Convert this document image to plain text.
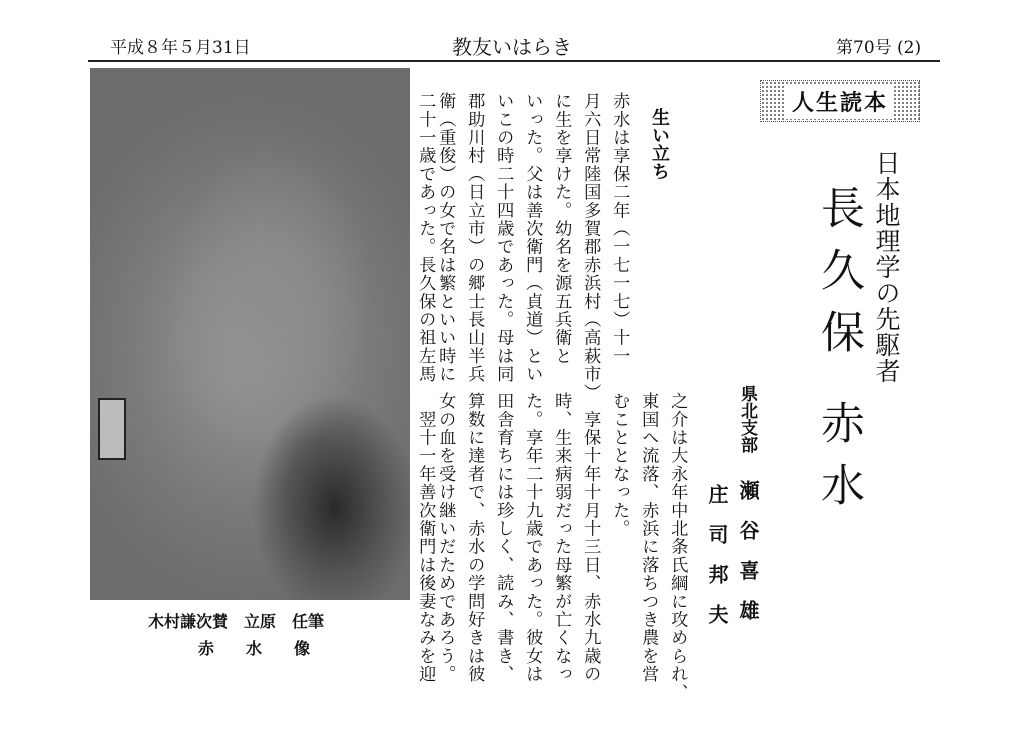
平成８年５月31日	教友いはらき	第70号 (2)
木村謙次賛　立原　任筆
赤　　水　　像
人生読本
日本地理学の先駆者
長久保
赤水
県北支部
瀬谷喜雄
庄司邦夫
生い立ち
赤水は享保二年（一七一七）十一
月六日常陸国多賀郡赤浜村（高萩市）
に生を享けた。幼名を源五兵衛と
いった。父は善次衛門（貞道）とい
いこの時二十四歳であった。母は同
郡助川村（日立市）の郷士長山半兵
衛（重俊）の女で名は繁といい時に
二十一歳であった。長久保の祖左馬
之介は大永年中北条氏綱に攻められ、
東国へ流落、赤浜に落ちつき農を営
むこととなった。
　享保十年十月十三日、赤水九歳の
時、生来病弱だった母繁が亡くなっ
た。享年二十九歳であった。彼女は
田舎育ちには珍しく、読み、書き、
算数に達者で、赤水の学問好きは彼
女の血を受け継いだためであろう。
　翌十一年善次衛門は後妻なみを迎
